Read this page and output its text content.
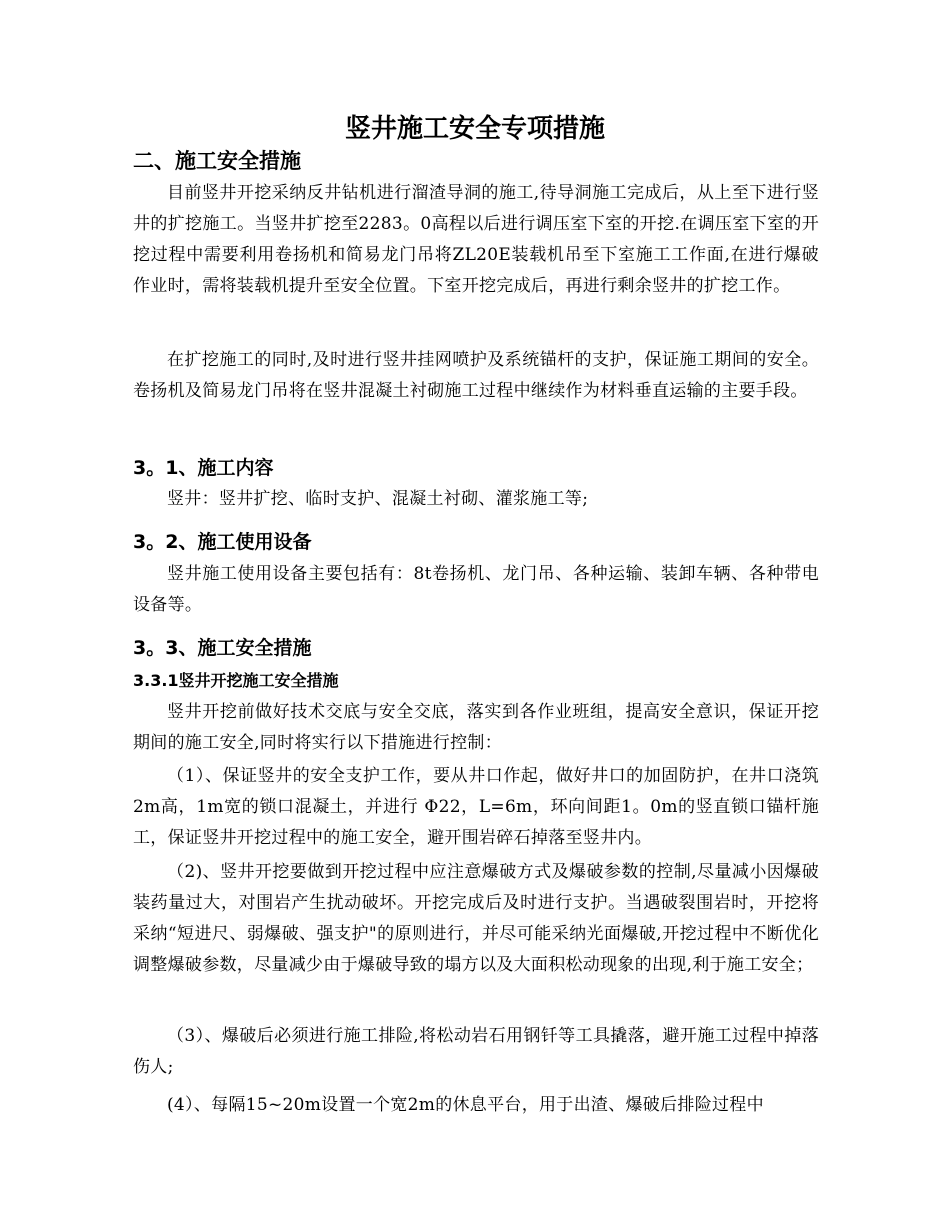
竖井施工安全专项措施
二、施工安全措施

目前竖井开挖采纳反井钻机进行溜渣导洞的施工,待导洞施工完成后，从上至下进行竖井的扩挖施工。当竖井扩挖至2283。0高程以后进行调压室下室的开挖.在调压室下室的开挖过程中需要利用卷扬机和简易龙门吊将ZL20E装载机吊至下室施工工作面,在进行爆破作业时，需将装载机提升至安全位置。下室开挖完成后，再进行剩余竖井的扩挖工作。

在扩挖施工的同时,及时进行竖井挂网喷护及系统锚杆的支护，保证施工期间的安全。卷扬机及简易龙门吊将在竖井混凝土衬砌施工过程中继续作为材料垂直运输的主要手段。

3。1、施工内容

竖井：竖井扩挖、临时支护、混凝土衬砌、灌浆施工等;

3。2、施工使用设备

竖井施工使用设备主要包括有：8t卷扬机、龙门吊、各种运输、装卸车辆、各种带电设备等。

3。3、施工安全措施
3.3.1竖井开挖施工安全措施

竖井开挖前做好技术交底与安全交底，落实到各作业班组，提高安全意识，保证开挖期间的施工安全,同时将实行以下措施进行控制：

（1）、保证竖井的安全支护工作，要从井口作起，做好井口的加固防护，在井口浇筑2m高，1m宽的锁口混凝土，并进行 Φ22，L=6m，环向间距1。0m的竖直锁口锚杆施工，保证竖井开挖过程中的施工安全，避开围岩碎石掉落至竖井内。

（2)、竖井开挖要做到开挖过程中应注意爆破方式及爆破参数的控制,尽量减小因爆破装药量过大，对围岩产生扰动破坏。开挖完成后及时进行支护。当遇破裂围岩时，开挖将采纳“短进尺、弱爆破、强支护"的原则进行，并尽可能采纳光面爆破,开挖过程中不断优化调整爆破参数，尽量减少由于爆破导致的塌方以及大面积松动现象的出现,利于施工安全；

（3）、爆破后必须进行施工排险,将松动岩石用钢钎等工具撬落，避开施工过程中掉落伤人;

(4）、每隔15~20m设置一个宽2m的休息平台，用于出渣、爆破后排险过程中
